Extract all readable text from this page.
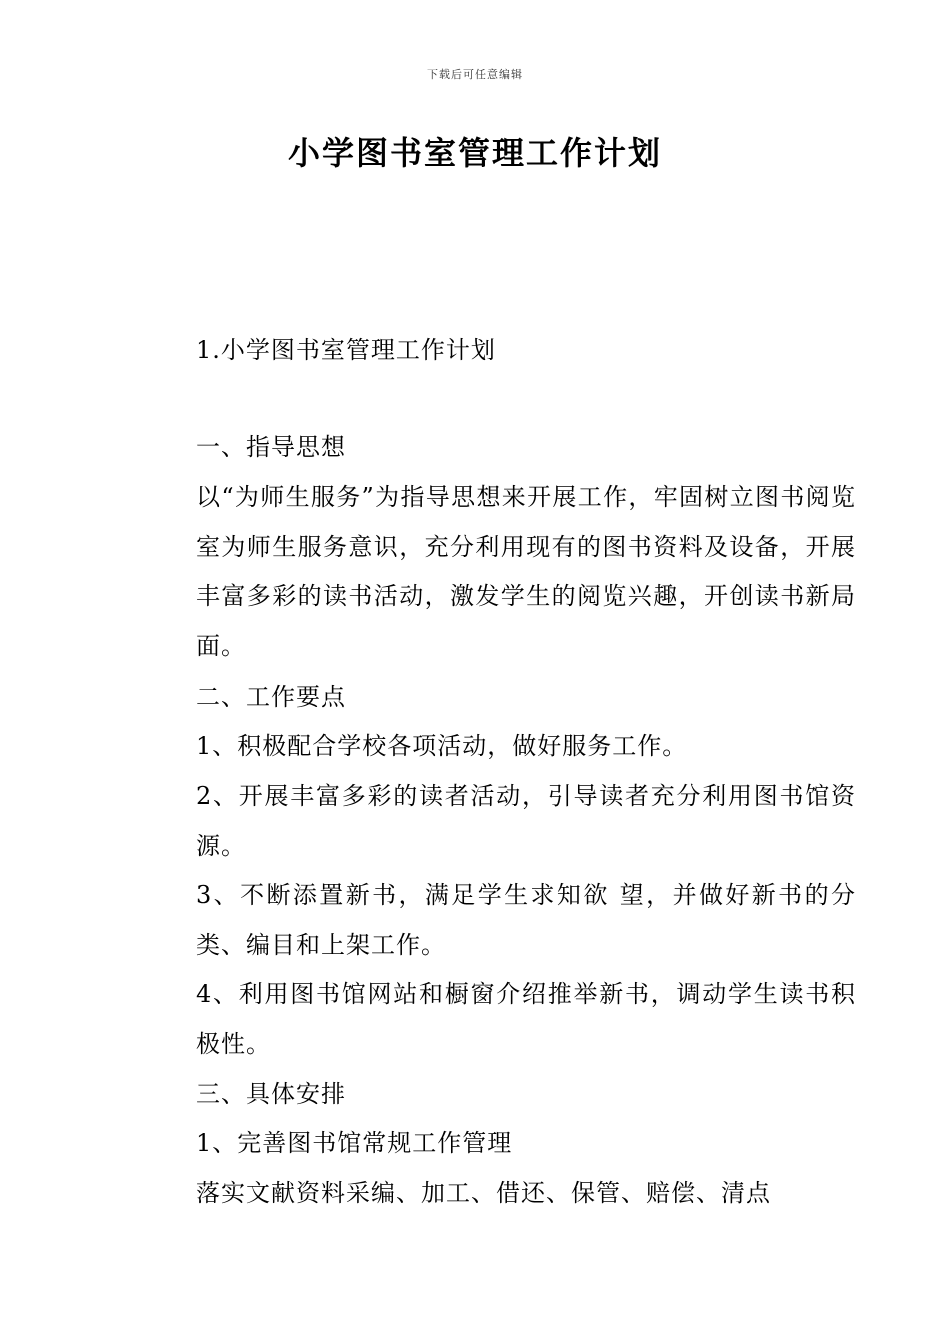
下载后可任意编辑
小学图书室管理工作计划

1.小学图书室管理工作计划

一、指导思想

以“为师生服务”为指导思想来开展工作，牢固树立图书阅览室为师生服务意识，充分利用现有的图书资料及设备，开展丰富多彩的读书活动，激发学生的阅览兴趣，开创读书新局面。

二、工作要点

1、积极配合学校各项活动，做好服务工作。

2、开展丰富多彩的读者活动，引导读者充分利用图书馆资源。

3、不断添置新书，满足学生求知欲 望，并做好新书的分类、编目和上架工作。

4、利用图书馆网站和橱窗介绍推举新书，调动学生读书积极性。

三、具体安排

1、完善图书馆常规工作管理

落实文献资料采编、加工、借还、保管、赔偿、清点
